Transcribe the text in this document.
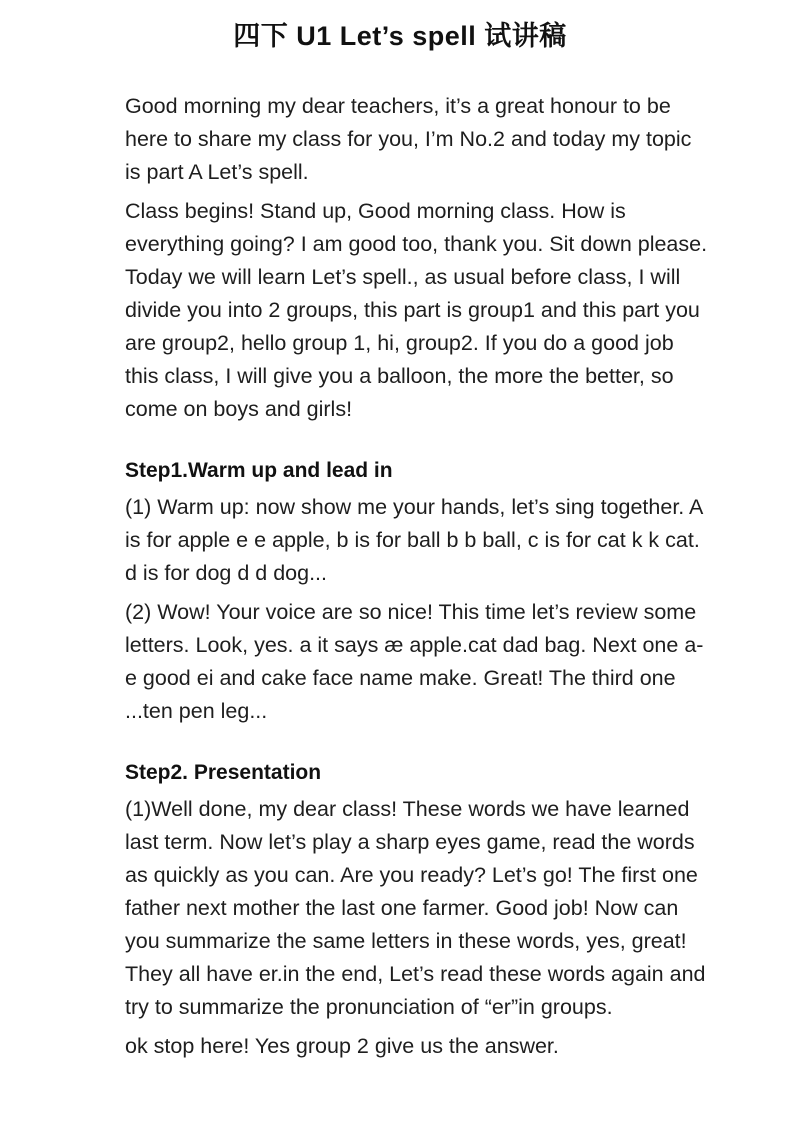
四下 U1 Let’s spell 试讲稿

Good morning my dear teachers, it’s a great honour to be here to share my class for you, I’m No.2 and today my topic is part A Let’s spell.

Class begins! Stand up, Good morning class. How is everything going? I am good too, thank you. Sit down please. Today we will learn Let’s spell., as usual before class, I will divide you into 2 groups, this part is group1 and this part you are group2, hello group 1, hi, group2. If you do a good job this class, I will give you a balloon, the more the better, so come on boys and girls!

Step1.Warm up and lead in

(1) Warm up: now show me your hands, let’s sing together. A is for apple e e apple, b is for ball b b ball, c is for cat k k cat. d is for dog d d dog...

(2) Wow! Your voice are so nice! This time let’s review some letters. Look, yes. a it says æ apple.cat dad bag. Next one a-e good ei and cake face name make. Great! The third one ...ten pen leg...

Step2. Presentation

(1)Well done, my dear class! These words we have learned last term. Now let’s play a sharp eyes game, read the words as quickly as you can. Are you ready? Let’s go! The first one father next mother the last one farmer. Good job! Now can you summarize the same letters in these words, yes, great! They all have er.in the end, Let’s read these words again and try to summarize the pronunciation of “er”in groups.

ok stop here! Yes group 2 give us the answer.
